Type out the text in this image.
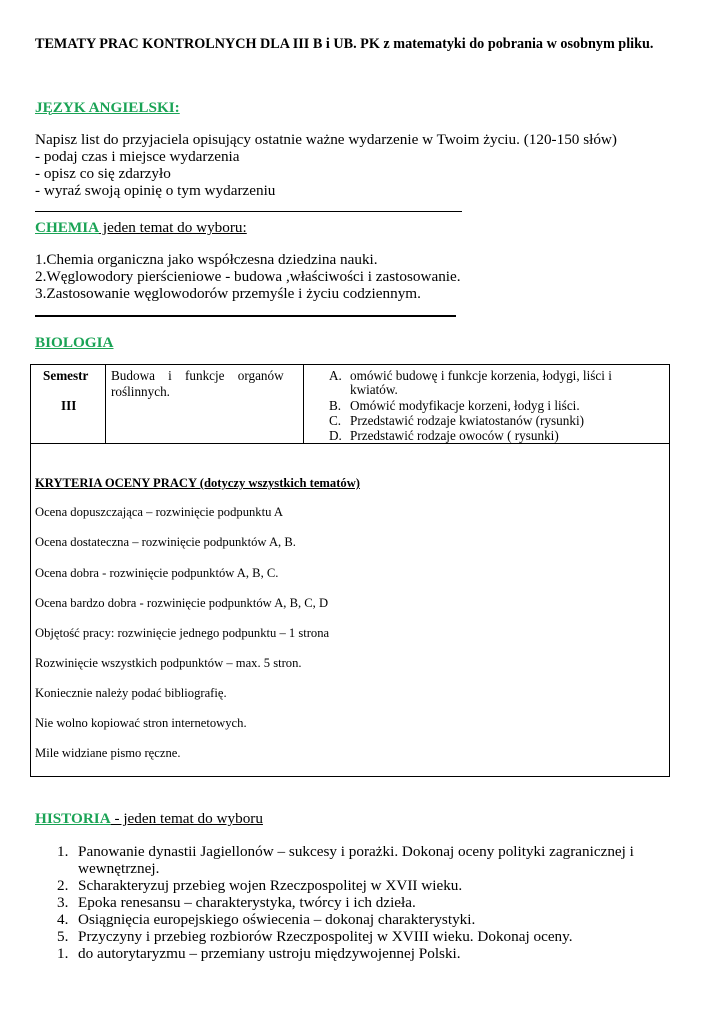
TEMATY PRAC KONTROLNYCH DLA III B i UB. PK z matematyki do pobrania w osobnym pliku.
JĘZYK ANGIELSKI:
Napisz list do przyjaciela opisujący ostatnie ważne wydarzenie w Twoim życiu. (120-150 słów)
- podaj czas i miejsce wydarzenia
- opisz co się zdarzyło
- wyraź swoją opinię o tym wydarzeniu
CHEMIA jeden temat do wyboru:
1.Chemia organiczna jako współczesna dziedzina nauki.
2.Węglowodory pierścieniowe - budowa ,właściwości i zastosowanie.
3.Zastosowanie węglowodorów przemyśle i życiu codziennym.
BIOLOGIA
Semestr
III
Budowa    i    funkcje    organów
roślinnych.
A. omówić budowę i funkcje korzenia, łodygi, liści i
kwiatów.
B. Omówić modyfikacje korzeni, łodyg i liści.
C. Przedstawić rodzaje kwiatostanów (rysunki)
D. Przedstawić rodzaje owoców ( rysunki)
KRYTERIA OCENY PRACY (dotyczy wszystkich tematów)
Ocena dopuszczająca – rozwinięcie podpunktu A
Ocena dostateczna – rozwinięcie podpunktów A, B.
Ocena dobra - rozwinięcie podpunktów A, B, C.
Ocena bardzo dobra - rozwinięcie podpunktów A, B, C, D
Objętość pracy: rozwinięcie jednego podpunktu – 1 strona
Rozwinięcie wszystkich podpunktów – max. 5 stron.
Koniecznie należy podać bibliografię.
Nie wolno kopiować stron internetowych.
Mile widziane pismo ręczne.
HISTORIA - jeden temat do wyboru
1. Panowanie dynastii Jagiellonów – sukcesy i porażki. Dokonaj oceny polityki zagranicznej i
wewnętrznej.
2. Scharakteryzuj przebieg wojen Rzeczpospolitej w XVII wieku.
3. Epoka renesansu – charakterystyka, twórcy i ich dzieła.
4. Osiągnięcia europejskiego oświecenia – dokonaj charakterystyki.
5. Przyczyny i przebieg rozbiorów Rzeczpospolitej w XVIII wieku. Dokonaj oceny.
1. do autorytaryzmu – przemiany ustroju międzywojennej Polski.
